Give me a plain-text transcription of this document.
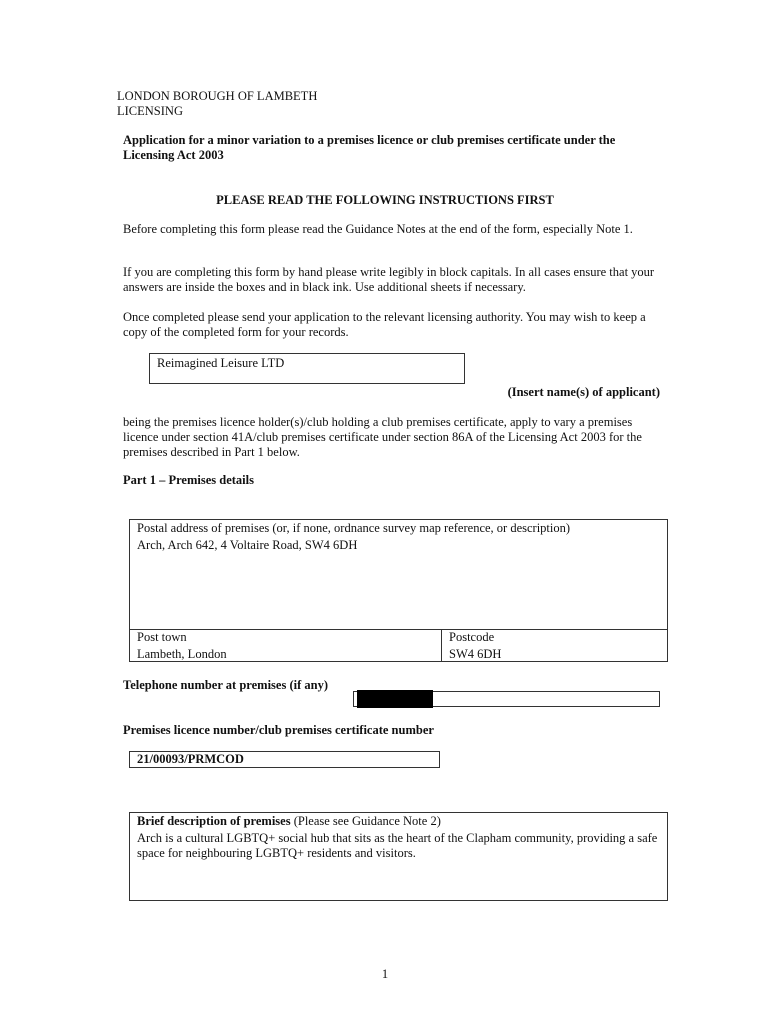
LONDON BOROUGH OF LAMBETH
LICENSING
Application for a minor variation to a premises licence or club premises certificate under the Licensing Act 2003
PLEASE READ THE FOLLOWING INSTRUCTIONS FIRST
Before completing this form please read the Guidance Notes at the end of the form, especially Note 1.
If you are completing this form by hand please write legibly in block capitals. In all cases ensure that your answers are inside the boxes and in black ink. Use additional sheets if necessary.
Once completed please send your application to the relevant licensing authority. You may wish to keep a copy of the completed form for your records.
Reimagined Leisure LTD
(Insert name(s) of applicant)
being the premises licence holder(s)/club holding a club premises certificate, apply to vary a premises licence under section 41A/club premises certificate under section 86A of the Licensing Act 2003 for the premises described in Part 1 below.
Part 1 – Premises details
Postal address of premises (or, if none, ordnance survey map reference, or description)
Arch, Arch 642, 4 Voltaire Road, SW4 6DH
Post town
Lambeth, London
Postcode
SW4 6DH
Telephone number at premises (if any)
Premises licence number/club premises certificate number
21/00093/PRMCOD
Brief description of premises (Please see Guidance Note 2)
Arch is a cultural LGBTQ+ social hub that sits as the heart of the Clapham community, providing a safe space for neighbouring LGBTQ+ residents and visitors.
1
